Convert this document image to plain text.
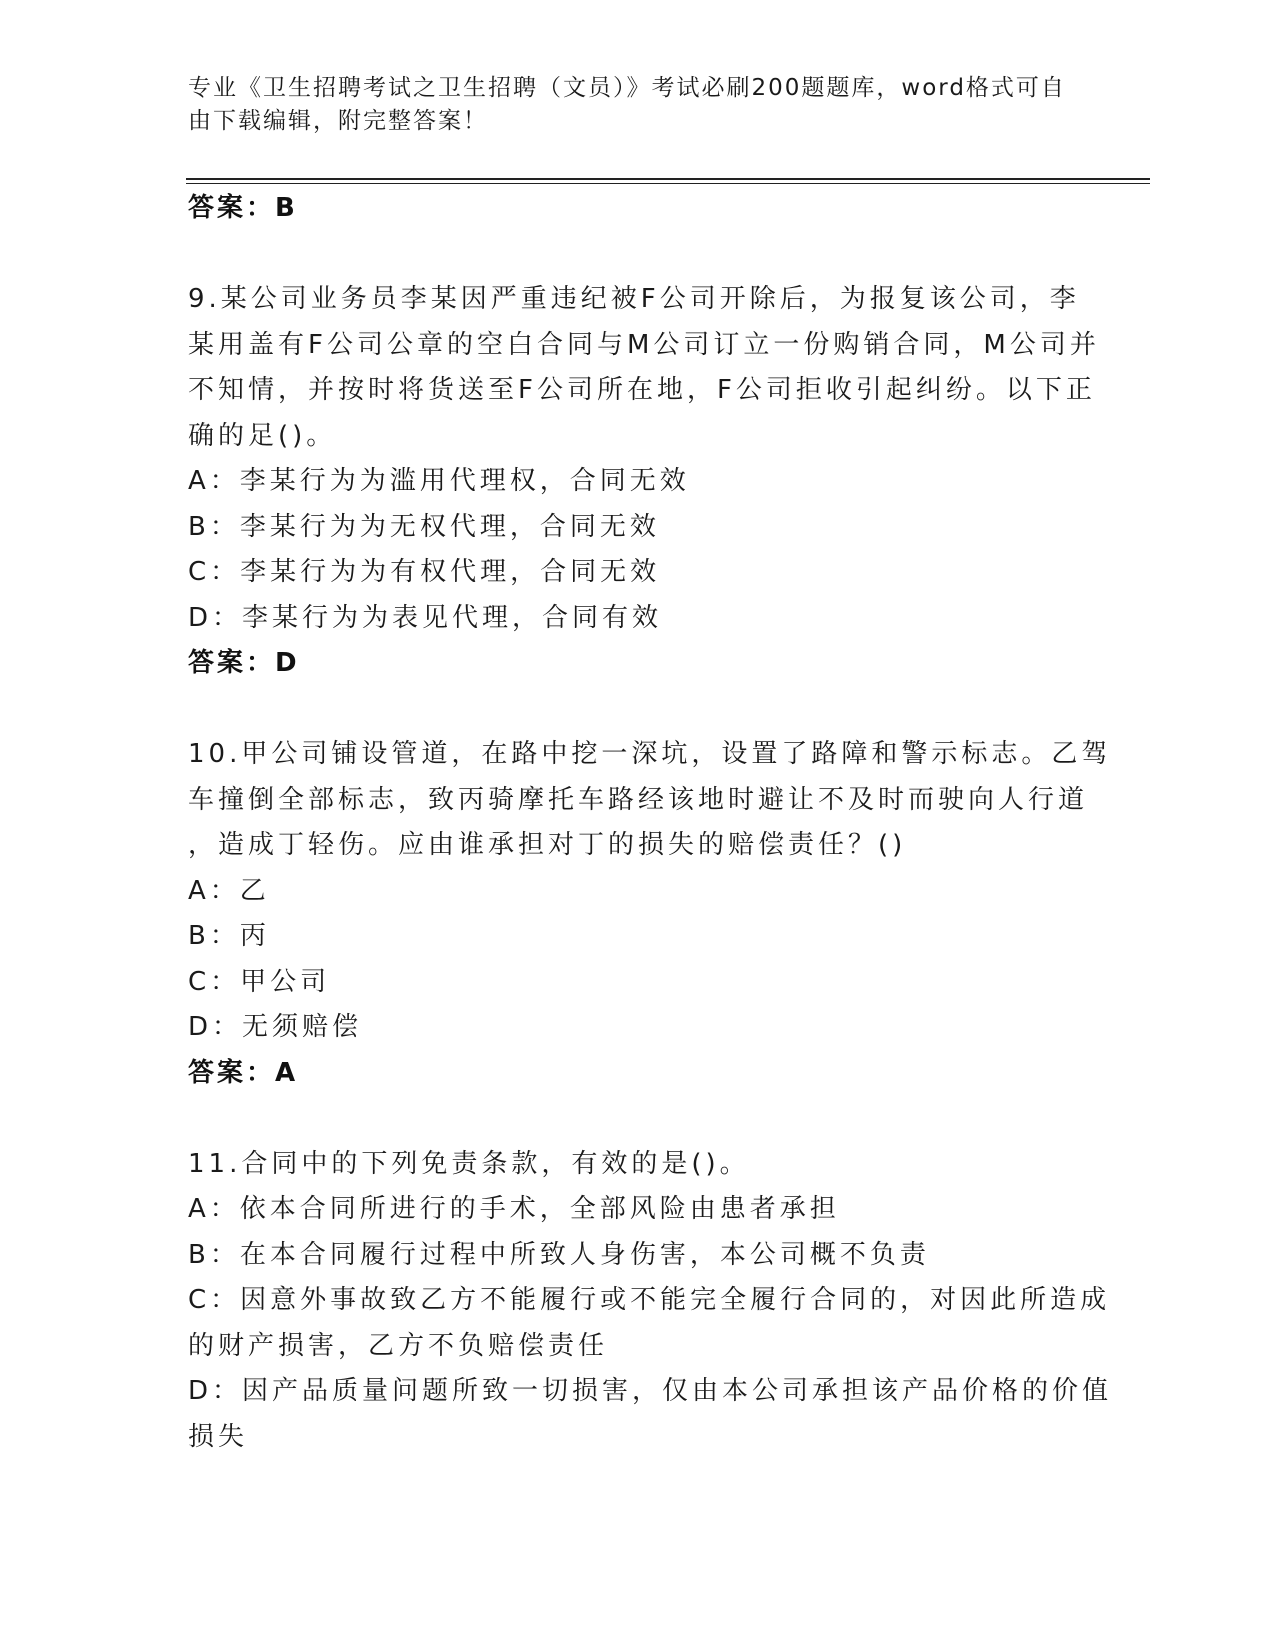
专业《卫生招聘考试之卫生招聘（文员）》考试必刷200题题库，word格式可自
由下载编辑，附完整答案！
答案：B
9.某公司业务员李某因严重违纪被F公司开除后，为报复该公司，李
某用盖有F公司公章的空白合同与M公司订立一份购销合同，M公司并
不知情，并按时将货送至F公司所在地，F公司拒收引起纠纷。以下正
确的足()。
A：李某行为为滥用代理权，合同无效
B：李某行为为无权代理，合同无效
C：李某行为为有权代理，合同无效
D：李某行为为表见代理，合同有效
答案：D
10.甲公司铺设管道，在路中挖一深坑，设置了路障和警示标志。乙驾
车撞倒全部标志，致丙骑摩托车路经该地时避让不及时而驶向人行道
，造成丁轻伤。应由谁承担对丁的损失的赔偿责任？()
A：乙
B：丙
C：甲公司
D：无须赔偿
答案：A
11.合同中的下列免责条款，有效的是()。
A：依本合同所进行的手术，全部风险由患者承担
B：在本合同履行过程中所致人身伤害，本公司概不负责
C：因意外事故致乙方不能履行或不能完全履行合同的，对因此所造成
的财产损害，乙方不负赔偿责任
D：因产品质量问题所致一切损害，仅由本公司承担该产品价格的价值
损失
